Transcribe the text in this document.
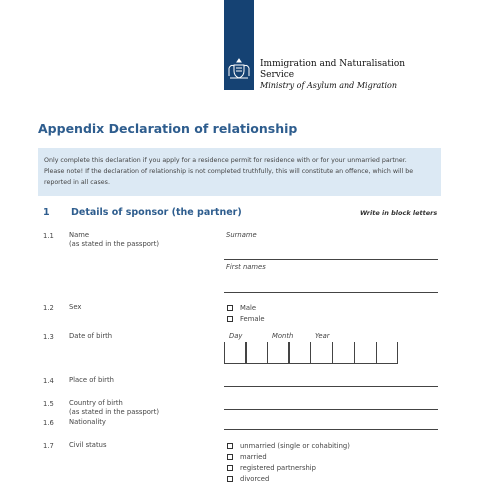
Immigration and Naturalisation
Service
Ministry of Asylum and Migration
Appendix Declaration of relationship
Only complete this declaration if you apply for a residence permit for residence with or for your unmarried partner.
Please note! If the declaration of relationship is not completed truthfully, this will constitute an offence, which will be
reported in all cases.
1 Details of sponsor (the partner)	Write in block letters
1.1 Name
(as stated in the passport)
Surname
First names
1.2 Sex	Male
Female
1.3 Date of birth	Day	Month	Year
1.4 Place of birth
1.5 Country of birth
(as stated in the passport)
1.6 Nationality
1.7 Civil status	unmarried (single or cohabiting)
married
registered partnership
divorced
